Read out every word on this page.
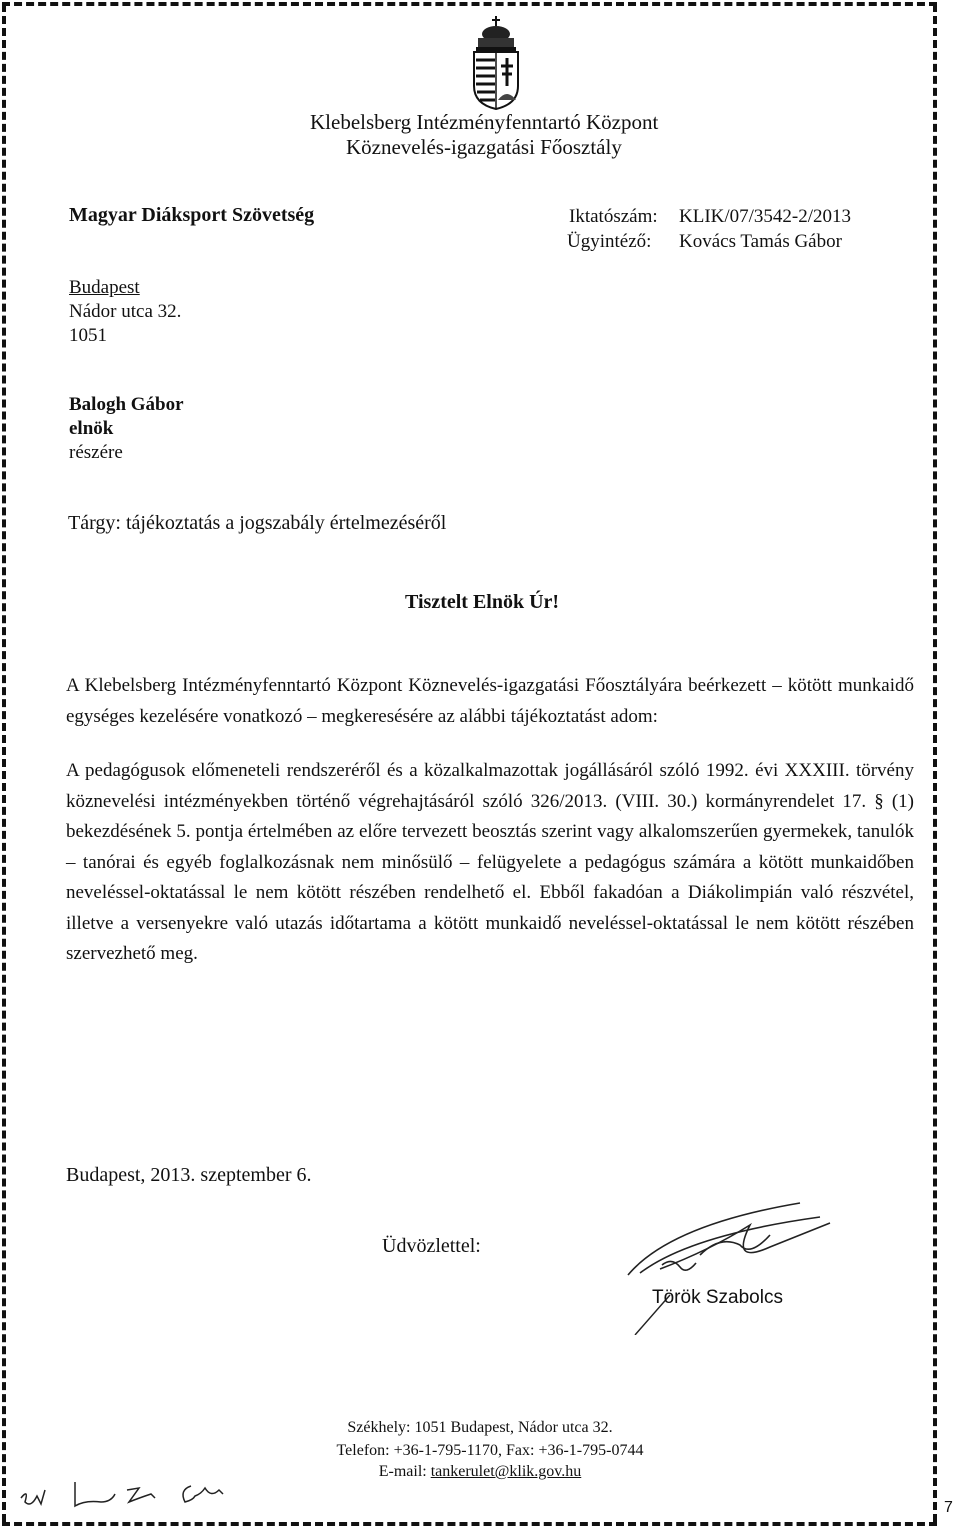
Klebelsberg Intézményfenntartó Központ
Köznevelés-igazgatási Főosztály
Magyar Diáksport Szövetség
Budapest
Nádor utca 32.
1051
Iktatószám: KLIK/07/3542-2/2013
Ügyintéző: Kovács Tamás Gábor
Balogh Gábor
elnök
részére
Tárgy: tájékoztatás a jogszabály értelmezéséről
Tisztelt Elnök Úr!

A Klebelsberg Intézményfenntartó Központ Köznevelés-igazgatási Főosztályára beérkezett – kötött munkaidő egységes kezelésére vonatkozó – megkeresésére az alábbi tájékoztatást adom:

A pedagógusok előmeneteli rendszeréről és a közalkalmazottak jogállásáról szóló 1992. évi XXXIII. törvény köznevelési intézményekben történő végrehajtásáról szóló 326/2013. (VIII. 30.) kormányrendelet 17. § (1) bekezdésének 5. pontja értelmében az előre tervezett beosztás szerint vagy alkalomszerűen gyermekek, tanulók – tanórai és egyéb foglalkozásnak nem minősülő – felügyelete a pedagógus számára a kötött munkaidőben neveléssel-oktatással le nem kötött részében rendelhető el. Ebből fakadóan a Diákolimpián való részvétel, illetve a versenyekre való utazás időtartama a kötött munkaidő neveléssel-oktatással le nem kötött részében szervezhető meg.

Budapest, 2013. szeptember 6.
Üdvözlettel:
Török Szabolcs
Székhely: 1051 Budapest, Nádor utca 32.
Telefon: +36-1-795-1170, Fax: +36-1-795-0744
E-mail: tankerulet@klik.gov.hu
7
